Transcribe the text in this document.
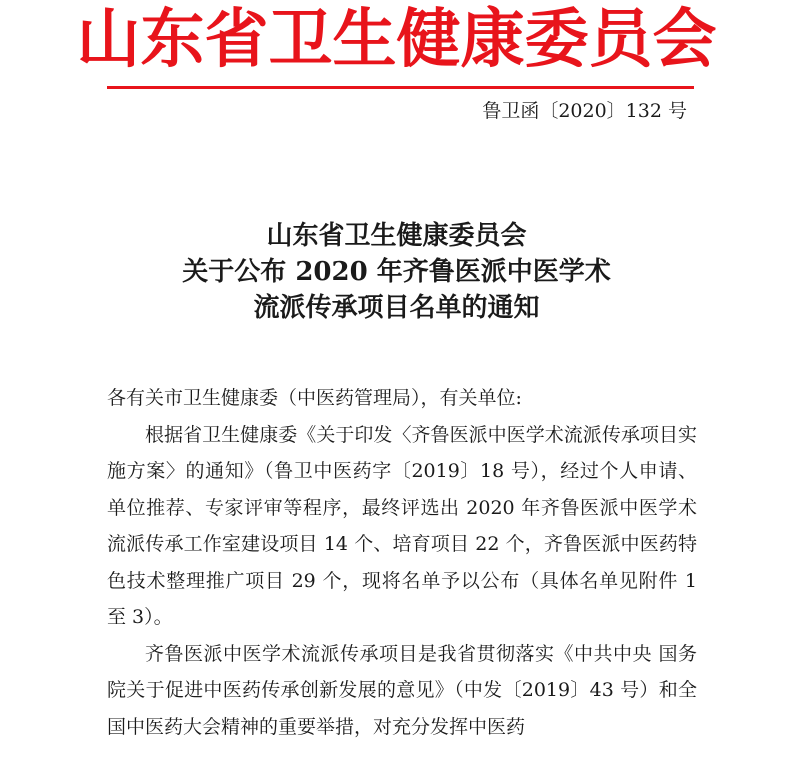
山东省卫生健康委员会
鲁卫函〔2020〕132 号
山东省卫生健康委员会
关于公布 2020 年齐鲁医派中医学术
流派传承项目名单的通知

各有关市卫生健康委（中医药管理局），有关单位:

根据省卫生健康委《关于印发〈齐鲁医派中医学术流派传承项目实施方案〉的通知》（鲁卫中医药字〔2019〕18 号），经过个人申请、单位推荐、专家评审等程序，最终评选出 2020 年齐鲁医派中医学术流派传承工作室建设项目 14 个、培育项目 22 个，齐鲁医派中医药特色技术整理推广项目 29 个，现将名单予以公布（具体名单见附件 1 至 3）。

齐鲁医派中医学术流派传承项目是我省贯彻落实《中共中央 国务院关于促进中医药传承创新发展的意见》（中发〔2019〕43 号）和全国中医药大会精神的重要举措，对充分发挥中医药
